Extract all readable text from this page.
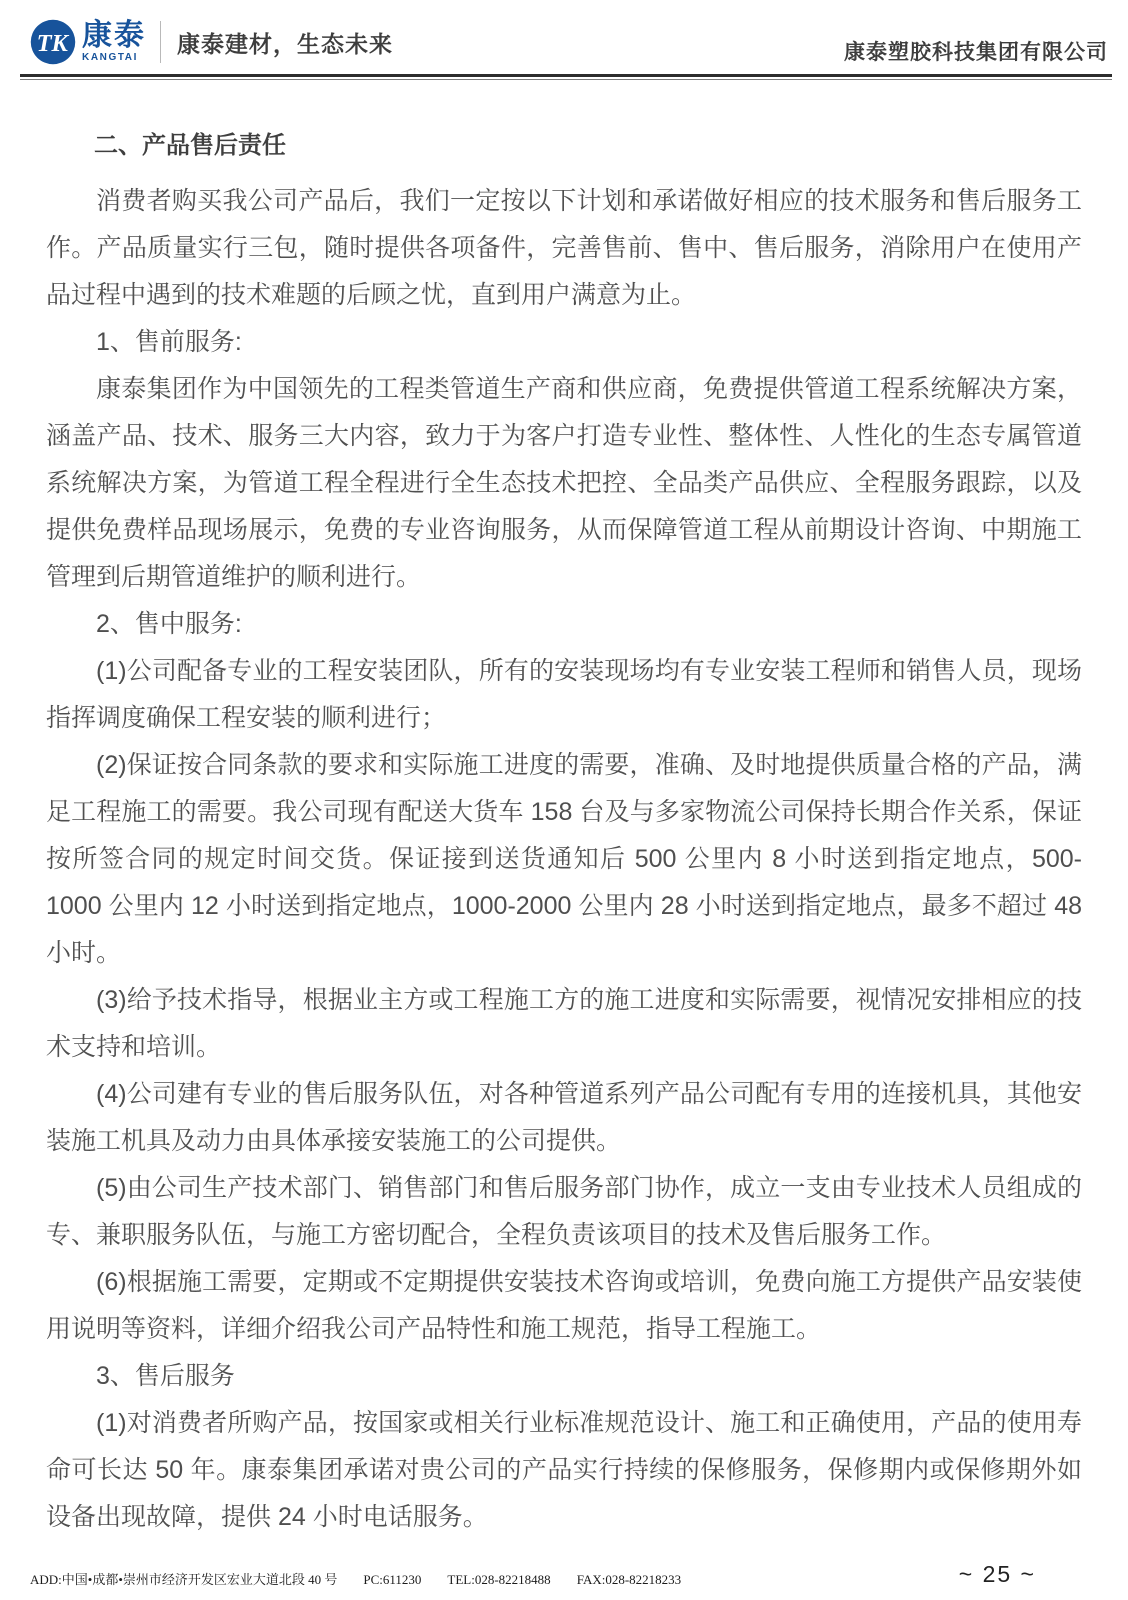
TK 康泰
KANGTAI
康泰建材，生态未来	康泰塑胶科技集团有限公司
二、产品售后责任

消费者购买我公司产品后，我们一定按以下计划和承诺做好相应的技术服务和售后服务工作。产品质量实行三包，随时提供各项备件，完善售前、售中、售后服务，消除用户在使用产品过程中遇到的技术难题的后顾之忧，直到用户满意为止。

1、售前服务:

康泰集团作为中国领先的工程类管道生产商和供应商，免费提供管道工程系统解决方案，涵盖产品、技术、服务三大内容，致力于为客户打造专业性、整体性、人性化的生态专属管道系统解决方案，为管道工程全程进行全生态技术把控、全品类产品供应、全程服务跟踪，以及提供免费样品现场展示，免费的专业咨询服务，从而保障管道工程从前期设计咨询、中期施工管理到后期管道维护的顺利进行。

2、售中服务:

(1)公司配备专业的工程安装团队，所有的安装现场均有专业安装工程师和销售人员，现场指挥调度确保工程安装的顺利进行；

(2)保证按合同条款的要求和实际施工进度的需要，准确、及时地提供质量合格的产品，满足工程施工的需要。我公司现有配送大货车 158 台及与多家物流公司保持长期合作关系，保证按所签合同的规定时间交货。保证接到送货通知后 500 公里内 8 小时送到指定地点，500-1000 公里内 12 小时送到指定地点，1000-2000 公里内 28 小时送到指定地点，最多不超过 48 小时。

(3)给予技术指导，根据业主方或工程施工方的施工进度和实际需要，视情况安排相应的技术支持和培训。

(4)公司建有专业的售后服务队伍，对各种管道系列产品公司配有专用的连接机具，其他安装施工机具及动力由具体承接安装施工的公司提供。

(5)由公司生产技术部门、销售部门和售后服务部门协作，成立一支由专业技术人员组成的专、兼职服务队伍，与施工方密切配合，全程负责该项目的技术及售后服务工作。

(6)根据施工需要，定期或不定期提供安装技术咨询或培训，免费向施工方提供产品安装使用说明等资料，详细介绍我公司产品特性和施工规范，指导工程施工。

3、售后服务

(1)对消费者所购产品，按国家或相关行业标准规范设计、施工和正确使用，产品的使用寿命可长达 50 年。康泰集团承诺对贵公司的产品实行持续的保修服务，保修期内或保修期外如设备出现故障，提供 24 小时电话服务。

ADD:中国•成都•崇州市经济开发区宏业大道北段 40 号 PC:611230 TEL:028-82218488 FAX:028-82218233	~ 25 ~
